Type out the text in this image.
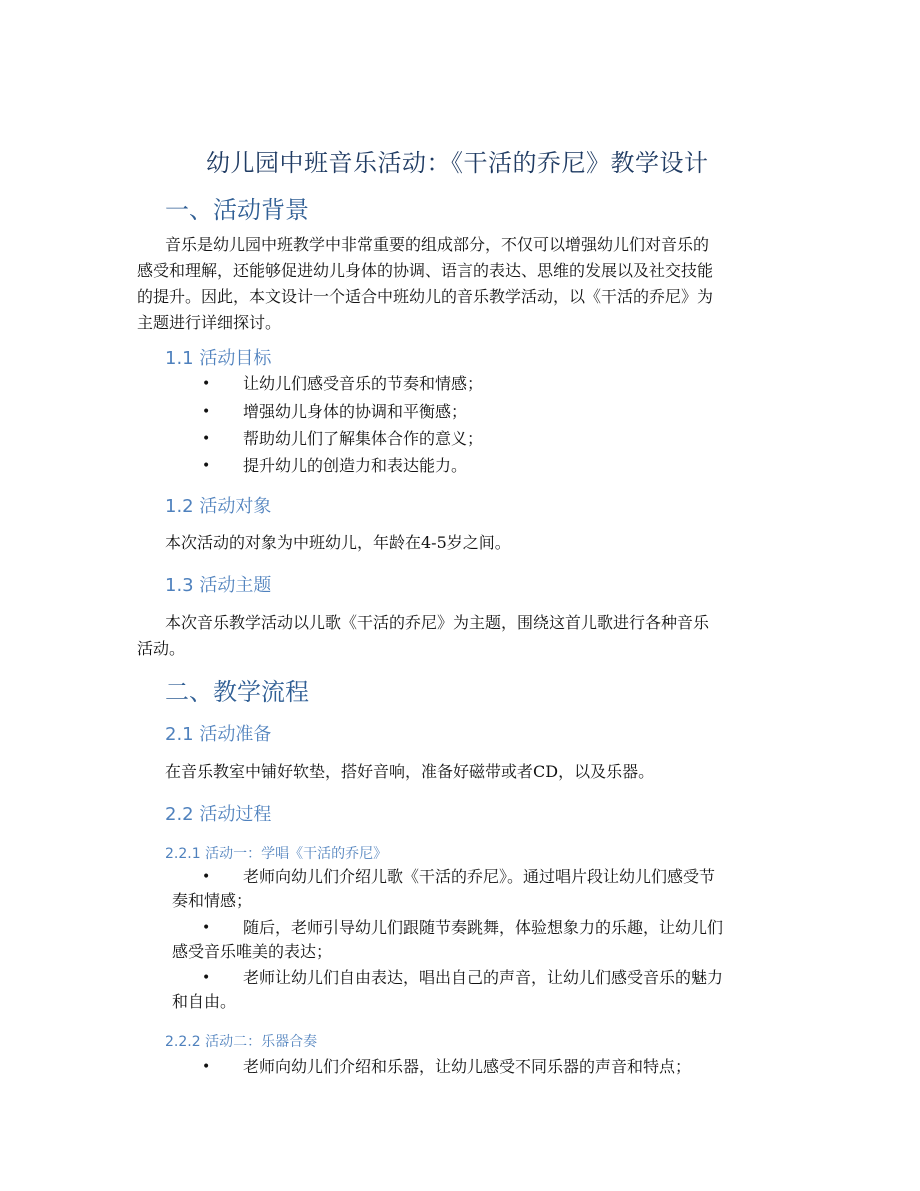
幼儿园中班音乐活动：《干活的乔尼》教学设计
一、活动背景
音乐是幼儿园中班教学中非常重要的组成部分，不仅可以增强幼儿们对音乐的
感受和理解，还能够促进幼儿身体的协调、语言的表达、思维的发展以及社交技能
的提升。因此，本文设计一个适合中班幼儿的音乐教学活动，以《干活的乔尼》为
主题进行详细探讨。
1.1 活动目标
• 让幼儿们感受音乐的节奏和情感；
• 增强幼儿身体的协调和平衡感；
• 帮助幼儿们了解集体合作的意义；
• 提升幼儿的创造力和表达能力。
1.2 活动对象
本次活动的对象为中班幼儿，年龄在4-5岁之间。
1.3 活动主题
本次音乐教学活动以儿歌《干活的乔尼》为主题，围绕这首儿歌进行各种音乐
活动。
二、教学流程
2.1 活动准备
在音乐教室中铺好软垫，搭好音响，准备好磁带或者CD，以及乐器。
2.2 活动过程
2.2.1 活动一：学唱《干活的乔尼》
• 老师向幼儿们介绍儿歌《干活的乔尼》。通过唱片段让幼儿们感受节
奏和情感；
• 随后，老师引导幼儿们跟随节奏跳舞，体验想象力的乐趣，让幼儿们
感受音乐唯美的表达；
• 老师让幼儿们自由表达，唱出自己的声音，让幼儿们感受音乐的魅力
和自由。
2.2.2 活动二：乐器合奏
• 老师向幼儿们介绍和乐器，让幼儿感受不同乐器的声音和特点；
